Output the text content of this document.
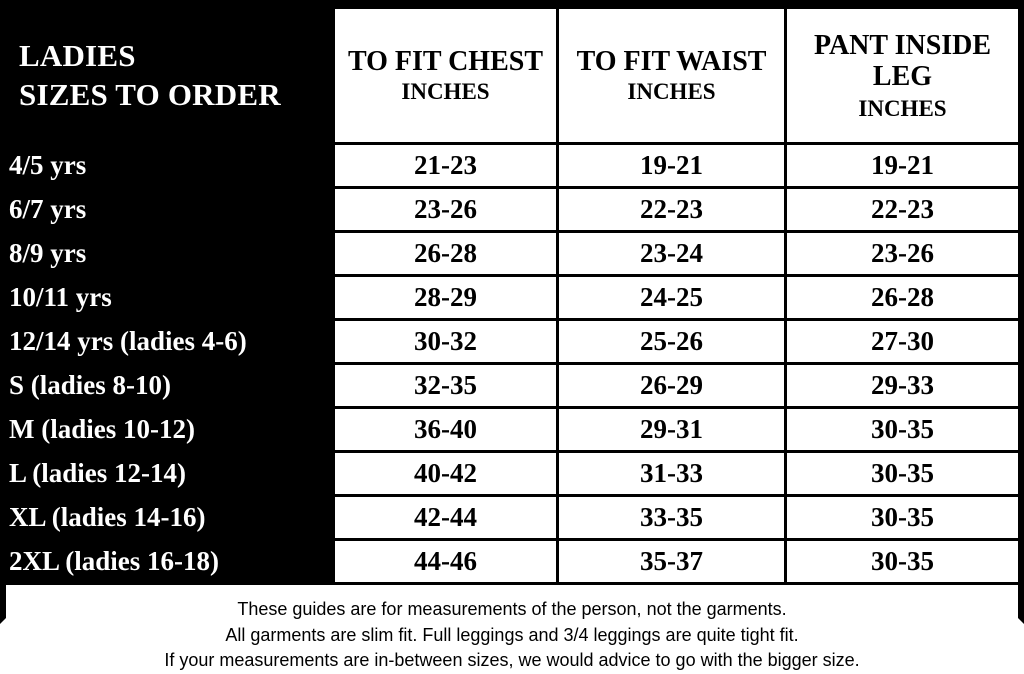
LADIES
SIZES TO ORDER	TO FIT CHEST
INCHES	TO FIT WAIST
INCHES	PANT INSIDE LEG
INCHES

4/5 yrs	21-23	19-21	19-21
6/7 yrs	23-26	22-23	22-23
8/9 yrs	26-28	23-24	23-26
10/11 yrs	28-29	24-25	26-28
12/14 yrs (ladies 4-6)	30-32	25-26	27-30
S (ladies 8-10)	32-35	26-29	29-33
M (ladies 10-12)	36-40	29-31	30-35
L (ladies 12-14)	40-42	31-33	30-35
XL (ladies 14-16)	42-44	33-35	30-35
2XL (ladies 16-18)	44-46	35-37	30-35
These guides are for measurements of the person, not the garments.
All garments are slim fit. Full leggings and 3/4 leggings are quite tight fit.
If your measurements are in-between sizes, we would advice to go with the bigger size.
